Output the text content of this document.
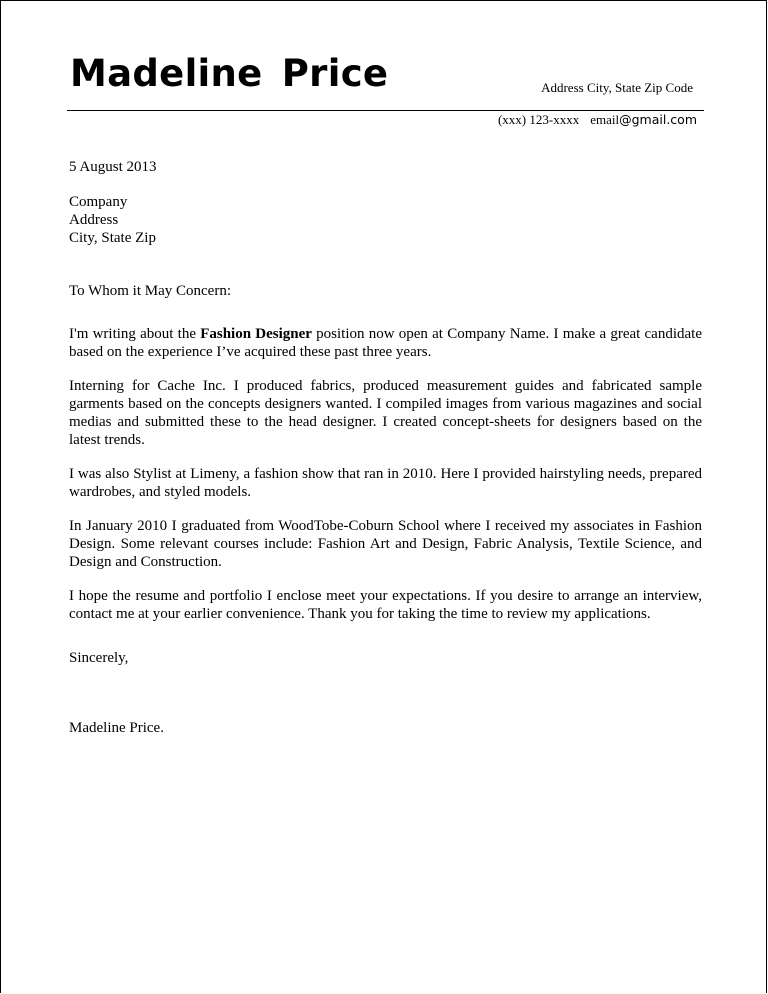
Madeline Price	Address City, State Zip Code
(xxx) 123-xxxx email@gmail.com

5 August 2013

Company

Address

City, State Zip

To Whom it May Concern:

I'm writing about the Fashion Designer position now open at Company Name. I make a great candidate based on the experience I’ve acquired these past three years.

Interning for Cache Inc. I produced fabrics, produced measurement guides and fabricated sample garments based on the concepts designers wanted. I compiled images from various magazines and social medias and submitted these to the head designer. I created concept-sheets for designers based on the latest trends.

I was also Stylist at Limeny, a fashion show that ran in 2010. Here I provided hairstyling needs, prepared wardrobes, and styled models.

In January 2010 I graduated from WoodTobe-Coburn School where I received my associates in Fashion Design. Some relevant courses include: Fashion Art and Design, Fabric Analysis, Textile Science, and Design and Construction.

I hope the resume and portfolio I enclose meet your expectations. If you desire to arrange an interview, contact me at your earlier convenience. Thank you for taking the time to review my applications.

Sincerely,

Madeline Price.
